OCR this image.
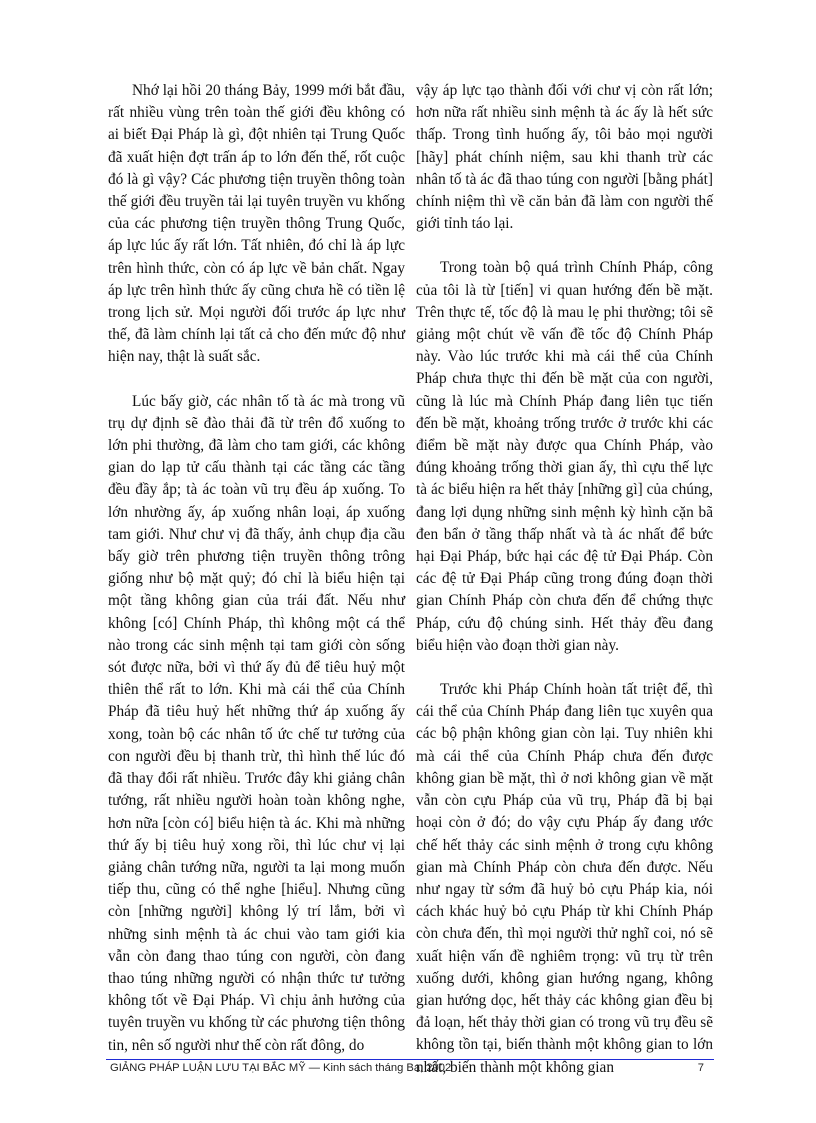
Nhớ lại hồi 20 tháng Bảy, 1999 mới bắt đầu, rất nhiều vùng trên toàn thế giới đều không có ai biết Đại Pháp là gì, đột nhiên tại Trung Quốc đã xuất hiện đợt trấn áp to lớn đến thế, rốt cuộc đó là gì vậy? Các phương tiện truyền thông toàn thế giới đều truyền tải lại tuyên truyền vu khống của các phương tiện truyền thông Trung Quốc, áp lực lúc ấy rất lớn. Tất nhiên, đó chỉ là áp lực trên hình thức, còn có áp lực về bản chất. Ngay áp lực trên hình thức ấy cũng chưa hề có tiền lệ trong lịch sử. Mọi người đối trước áp lực như thế, đã làm chính lại tất cả cho đến mức độ như hiện nay, thật là suất sắc.

Lúc bấy giờ, các nhân tố tà ác mà trong vũ trụ dự định sẽ đào thải đã từ trên đổ xuống to lớn phi thường, đã làm cho tam giới, các không gian do lạp tử cấu thành tại các tầng các tầng đều đầy ắp; tà ác toàn vũ trụ đều áp xuống. To lớn nhường ấy, áp xuống nhân loại, áp xuống tam giới. Như chư vị đã thấy, ảnh chụp địa cầu bấy giờ trên phương tiện truyền thông trông giống như bộ mặt quỷ; đó chỉ là biểu hiện tại một tầng không gian của trái đất. Nếu như không [có] Chính Pháp, thì không một cá thể nào trong các sinh mệnh tại tam giới còn sống sót được nữa, bởi vì thứ ấy đủ để tiêu huỷ một thiên thể rất to lớn. Khi mà cái thể của Chính Pháp đã tiêu huỷ hết những thứ áp xuống ấy xong, toàn bộ các nhân tố ức chế tư tưởng của con người đều bị thanh trừ, thì hình thế lúc đó đã thay đổi rất nhiều. Trước đây khi giảng chân tướng, rất nhiều người hoàn toàn không nghe, hơn nữa [còn có] biểu hiện tà ác. Khi mà những thứ ấy bị tiêu huỷ xong rồi, thì lúc chư vị lại giảng chân tướng nữa, người ta lại mong muốn tiếp thu, cũng có thể nghe [hiểu]. Nhưng cũng còn [những người] không lý trí lắm, bởi vì những sinh mệnh tà ác chui vào tam giới kia vẫn còn đang thao túng con người, còn đang thao túng những người có nhận thức tư tưởng không tốt về Đại Pháp. Vì chịu ảnh hưởng của tuyên truyền vu khống từ các phương tiện thông tin, nên số người như thế còn rất đông, do

vậy áp lực tạo thành đối với chư vị còn rất lớn; hơn nữa rất nhiều sinh mệnh tà ác ấy là hết sức thấp. Trong tình huống ấy, tôi bảo mọi người [hãy] phát chính niệm, sau khi thanh trừ các nhân tố tà ác đã thao túng con người [bằng phát] chính niệm thì về căn bản đã làm con người thế giới tỉnh táo lại.

Trong toàn bộ quá trình Chính Pháp, công của tôi là từ [tiến] vi quan hướng đến bề mặt. Trên thực tế, tốc độ là mau lẹ phi thường; tôi sẽ giảng một chút về vấn đề tốc độ Chính Pháp này. Vào lúc trước khi mà cái thể của Chính Pháp chưa thực thi đến bề mặt của con người, cũng là lúc mà Chính Pháp đang liên tục tiến đến bề mặt, khoảng trống trước ở trước khi các điểm bề mặt này được qua Chính Pháp, vào đúng khoảng trống thời gian ấy, thì cựu thế lực tà ác biểu hiện ra hết thảy [những gì] của chúng, đang lợi dụng những sinh mệnh kỳ hình cặn bã đen bẩn ở tầng thấp nhất và tà ác nhất để bức hại Đại Pháp, bức hại các đệ tử Đại Pháp. Còn các đệ tử Đại Pháp cũng trong đúng đoạn thời gian Chính Pháp còn chưa đến để chứng thực Pháp, cứu độ chúng sinh. Hết thảy đều đang biểu hiện vào đoạn thời gian này.

Trước khi Pháp Chính hoàn tất triệt để, thì cái thể của Chính Pháp đang liên tục xuyên qua các bộ phận không gian còn lại. Tuy nhiên khi mà cái thể của Chính Pháp chưa đến được không gian bề mặt, thì ở nơi không gian về mặt vẫn còn cựu Pháp của vũ trụ, Pháp đã bị bại hoại còn ở đó; do vậy cựu Pháp ấy đang ước chế hết thảy các sinh mệnh ở trong cựu không gian mà Chính Pháp còn chưa đến được. Nếu như ngay từ sớm đã huỷ bỏ cựu Pháp kia, nói cách khác huỷ bỏ cựu Pháp từ khi Chính Pháp còn chưa đến, thì mọi người thử nghĩ coi, nó sẽ xuất hiện vấn đề nghiêm trọng: vũ trụ từ trên xuống dưới, không gian hướng ngang, không gian hướng dọc, hết thảy các không gian đều bị đả loạn, hết thảy thời gian có trong vũ trụ đều sẽ không tồn tại, biến thành một không gian to lớn nhất, biến thành một không gian

GIẢNG PHÁP LUẬN LƯU TẠI BẮC MỸ — Kinh sách tháng Ba, 2002	7
